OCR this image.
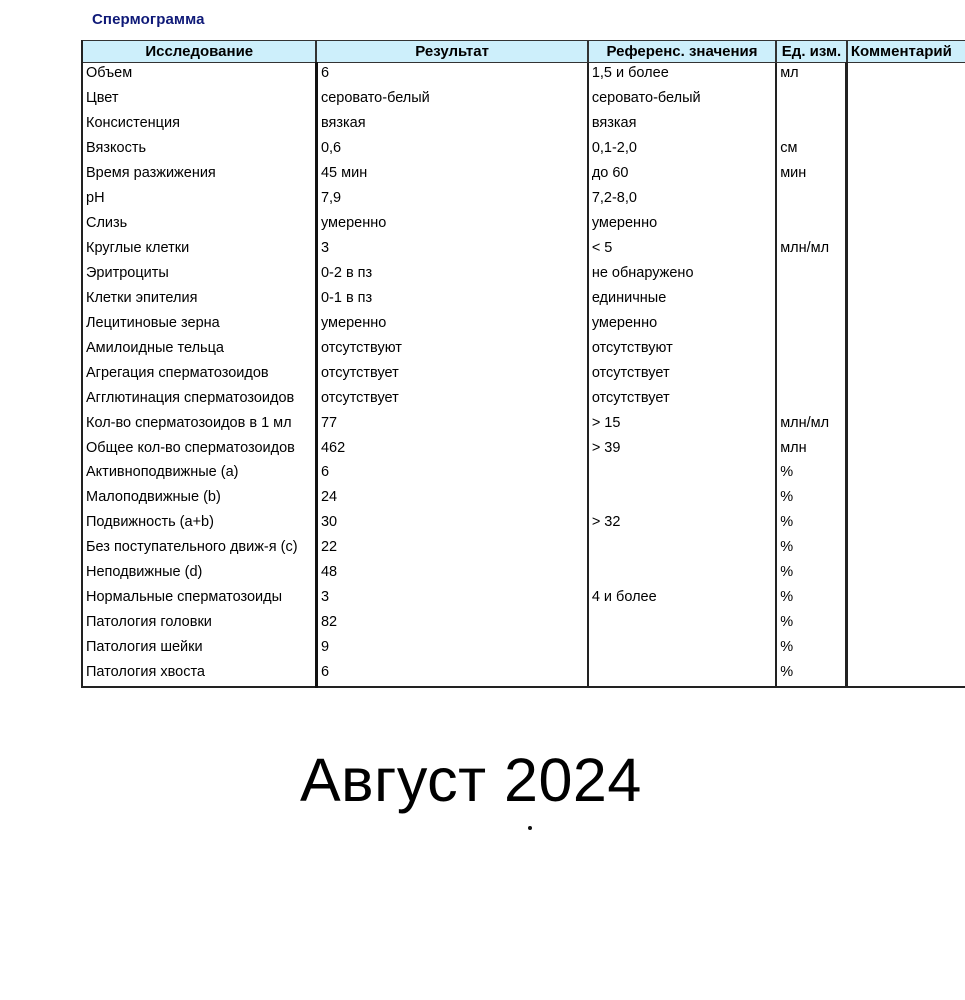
Спермограмма
Исследование	Результат	Референс. значения	Ед. изм.	Комментарий
Объем	6	1,5 и более	мл	
Цвет	серовато-белый	серовато-белый		
Консистенция	вязкая	вязкая		
Вязкость	0,6	0,1-2,0	см	
Время разжижения	45 мин	до 60	мин	
pH	7,9	7,2-8,0		
Слизь	умеренно	умеренно		
Круглые клетки	3	< 5	млн/мл	
Эритроциты	0-2 в пз	не обнаружено		
Клетки эпителия	0-1 в пз	единичные		
Лецитиновые зерна	умеренно	умеренно		
Амилоидные тельца	отсутствуют	отсутствуют		
Агрегация сперматозоидов	отсутствует	отсутствует		
Агглютинация сперматозоидов	отсутствует	отсутствует		
Кол-во сперматозоидов в 1 мл	77	> 15	млн/мл	
Общее кол-во сперматозоидов	462	> 39	млн	
Активноподвижные (a)	6		%	
Малоподвижные (b)	24		%	
Подвижность (a+b)	30	> 32	%	
Без поступательного движ-я (c)	22		%	
Неподвижные (d)	48		%	
Нормальные сперматозоиды	3	4 и более	%	
Патология головки	82		%	
Патология шейки	9		%	
Патология хвоста	6		%	
Август 2024
